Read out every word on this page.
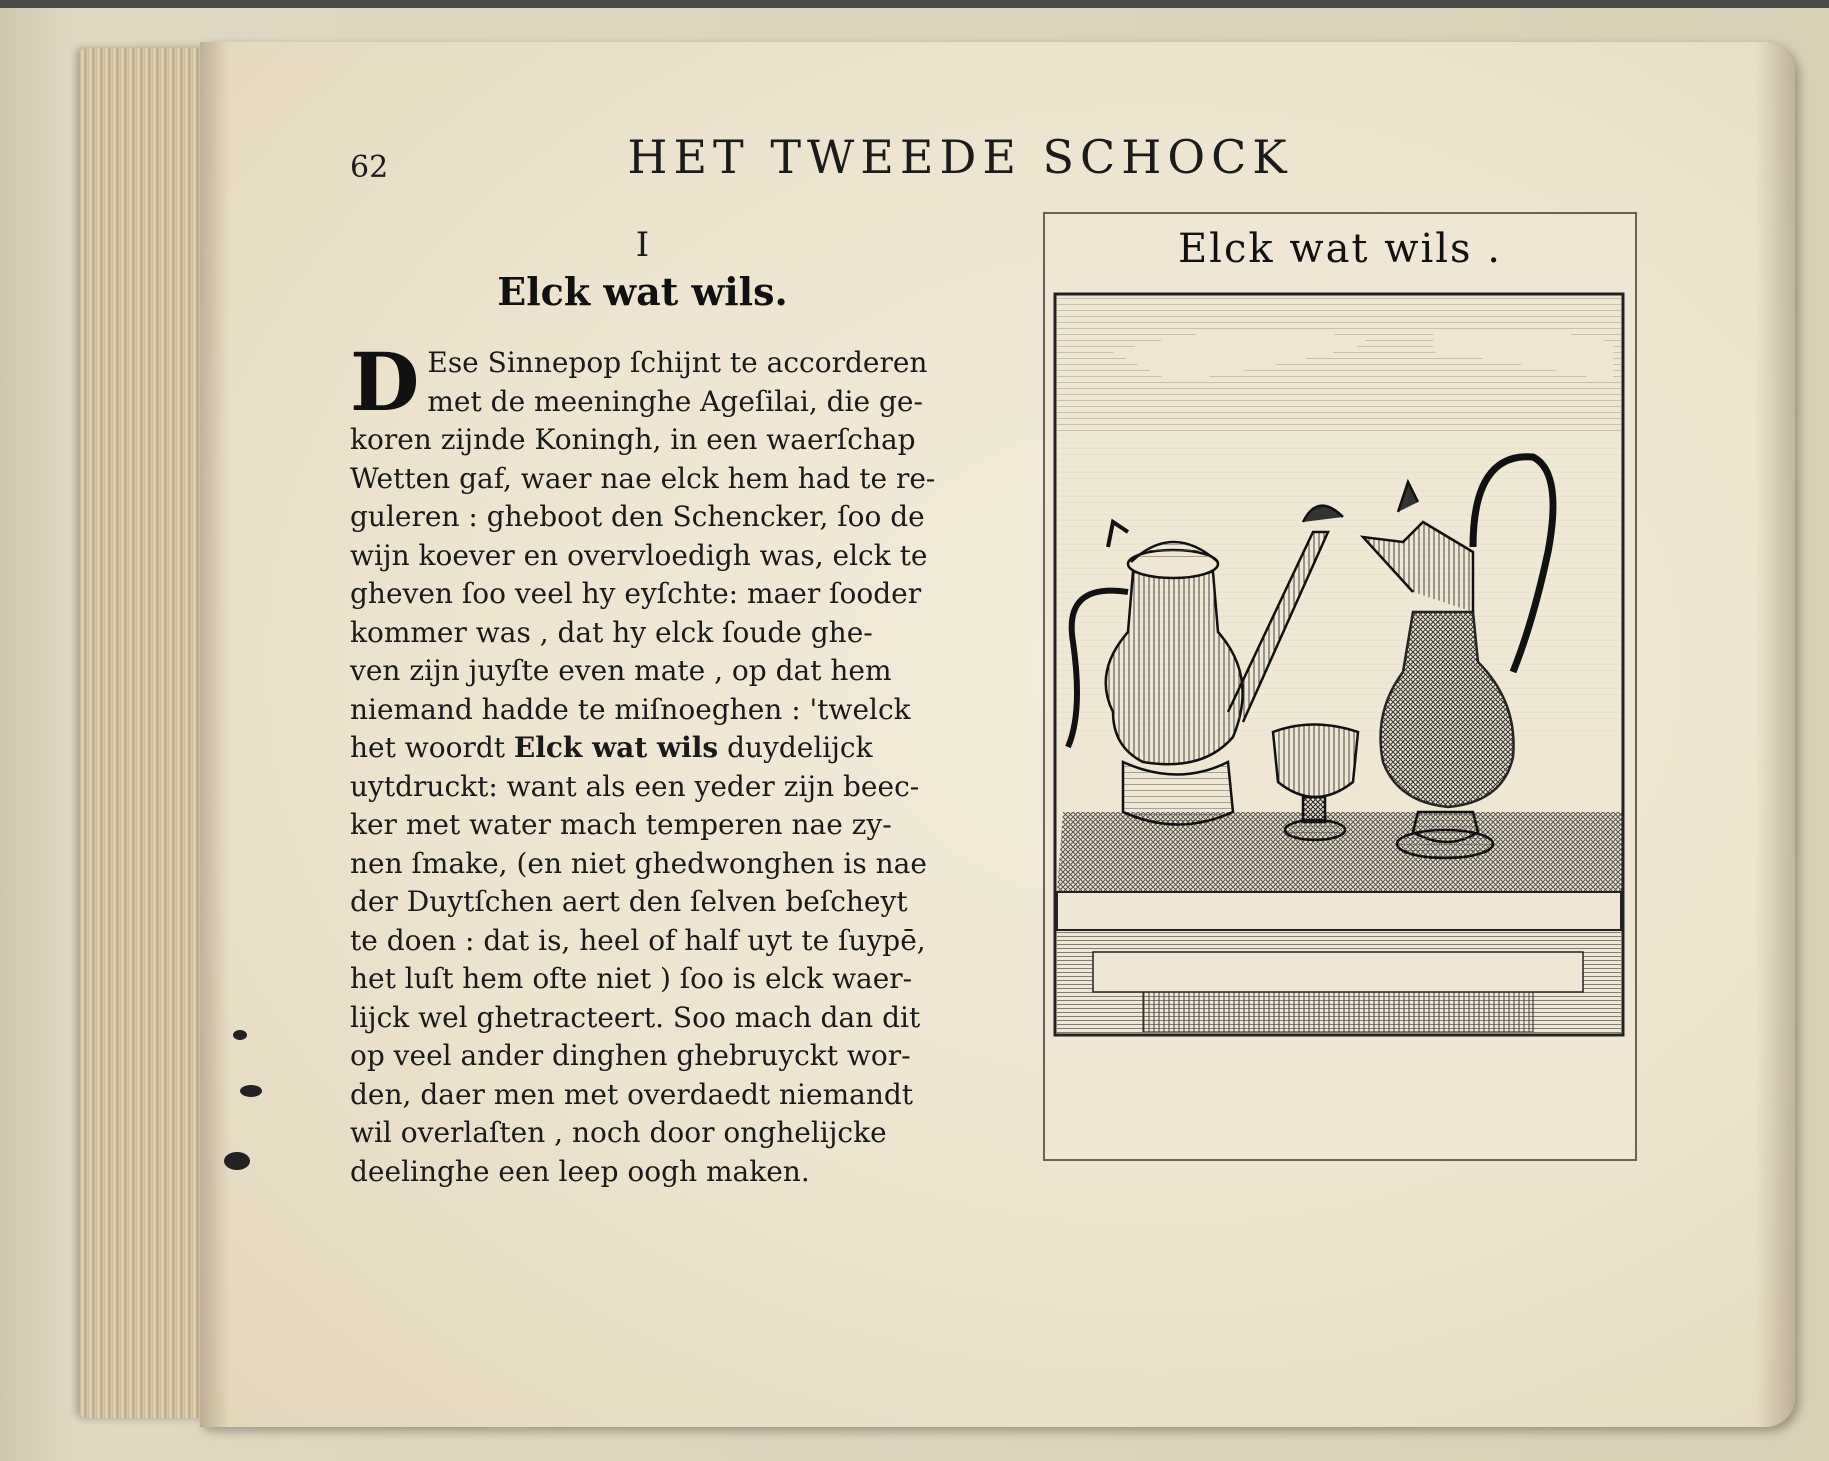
62	HET TWEEDE SCHOCK
I
Elck wat wils.
D Ese Sinnepop ſchijnt te accorderen
met de meeninghe Ageſilai, die ge-
koren zijnde Koningh, in een waerſchap
Wetten gaf, waer nae elck hem had te re-
guleren : gheboot den Schencker, ſoo de
wijn koever en overvloedigh was, elck te
gheven ſoo veel hy eyſchte: maer ſooder
kommer was , dat hy elck ſoude ghe-
ven zijn juyſte even mate , op dat hem
niemand hadde te miſnoeghen : 'twelck
het woordt Elck wat wils duydelijck
uytdruckt: want als een yeder zijn beec-
ker met water mach temperen nae zy-
nen ſmake, (en niet ghedwonghen is nae
der Duytſchen aert den ſelven beſcheyt
te doen : dat is, heel of half uyt te ſuypē,
het luſt hem ofte niet ) ſoo is elck waer-
lijck wel ghetracteert. Soo mach dan dit
op veel ander dinghen ghebruyckt wor-
den, daer men met overdaedt niemandt
wil overlaſten , noch door onghelijcke
deelinghe een leep oogh maken.
Elck wat wils .
